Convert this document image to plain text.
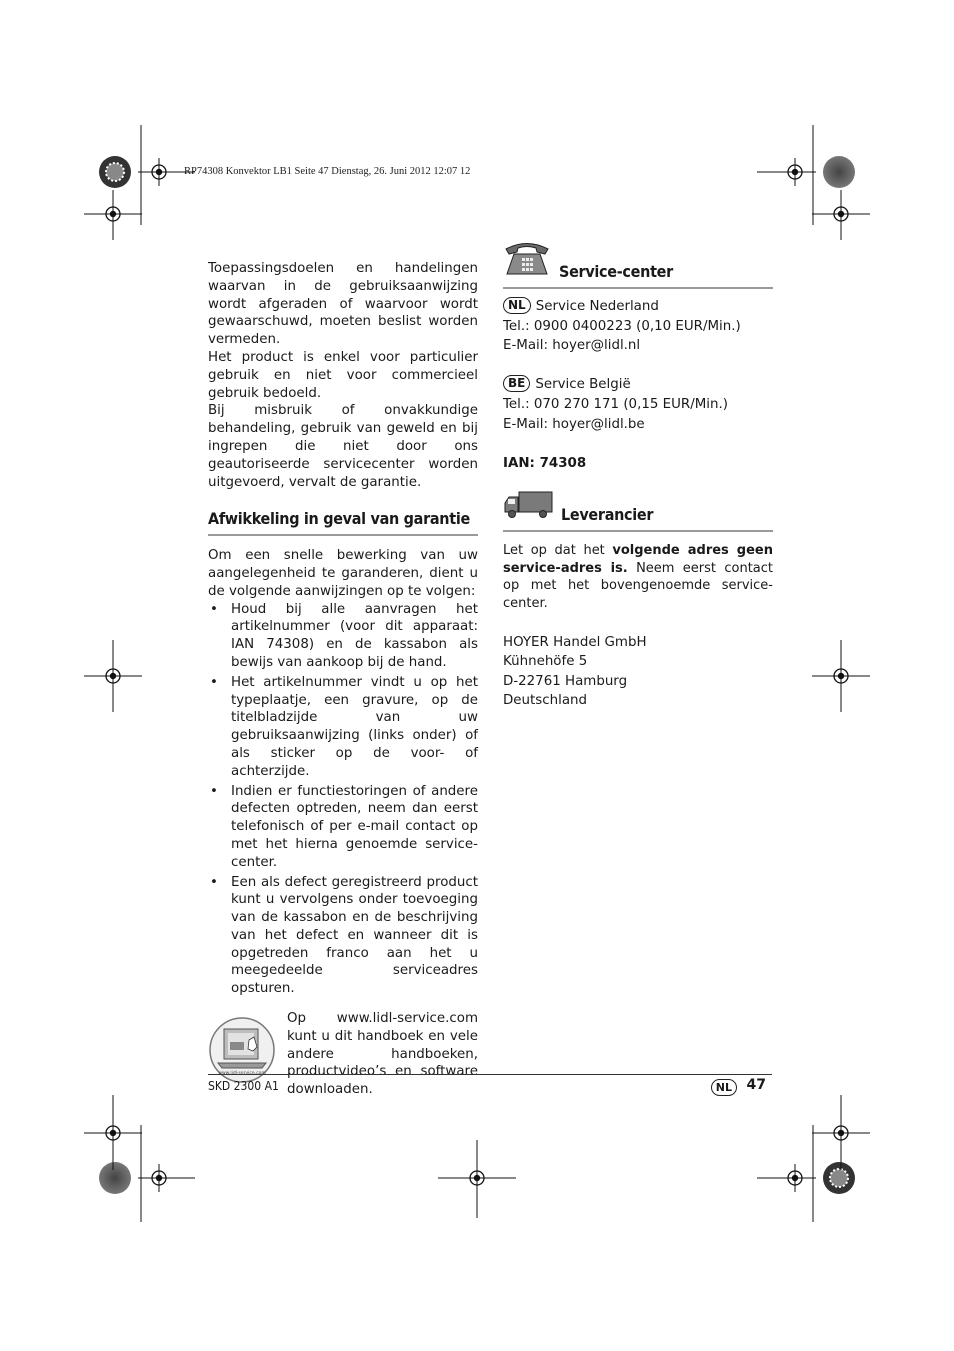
RP74308 Konvektor LB1 Seite 47 Dienstag, 26. Juni 2012 12:07 12

Toepassingsdoelen en handelingen waarvan in de gebruiksaanwijzing wordt afgeraden of waarvoor wordt gewaarschuwd, moeten beslist worden vermeden.

Het product is enkel voor particulier gebruik en niet voor commercieel gebruik bedoeld.

Bij misbruik of onvakkundige behandeling, gebruik van geweld en bij ingrepen die niet door ons geautoriseerde servicecenter worden uitgevoerd, vervalt de garantie.

Afwikkeling in geval van garantie

Om een snelle bewerking van uw aangelegenheid te garanderen, dient u de volgende aanwijzingen op te volgen:

• Houd bij alle aanvragen het artikelnummer (voor dit apparaat: IAN 74308) en de kassabon als bewijs van aankoop bij de hand.
• Het artikelnummer vindt u op het typeplaatje, een gravure, op de titelbladzijde van uw gebruiksaanwijzing (links onder) of als sticker op de voor- of achterzijde.
• Indien er functiestoringen of andere defecten optreden, neem dan eerst telefonisch of per e-mail contact op met het hierna genoemde service-center.
• Een als defect geregistreerd product kunt u vervolgens onder toevoeging van de kassabon en de beschrijving van het defect en wanneer dit is opgetreden franco aan het u meegedeelde serviceadres opsturen.
www.lidl-service.com

Op www.lidl-service.com kunt u dit handboek en vele andere handboeken, productvideo’s en software downloaden.

Service-center
NL Service Nederland
Tel.: 0900 0400223 (0,10 EUR/Min.)
E-Mail: hoyer@lidl.nl
BE Service België
Tel.: 070 270 171 (0,15 EUR/Min.)
E-Mail: hoyer@lidl.be
IAN: 74308
Leverancier

Let op dat het volgende adres geen service-adres is. Neem eerst contact op met het bovengenoemde service-center.

HOYER Handel GmbH
Kühnehöfe 5
D-22761 Hamburg
Deutschland
SKD 2300 A1	NL	47
